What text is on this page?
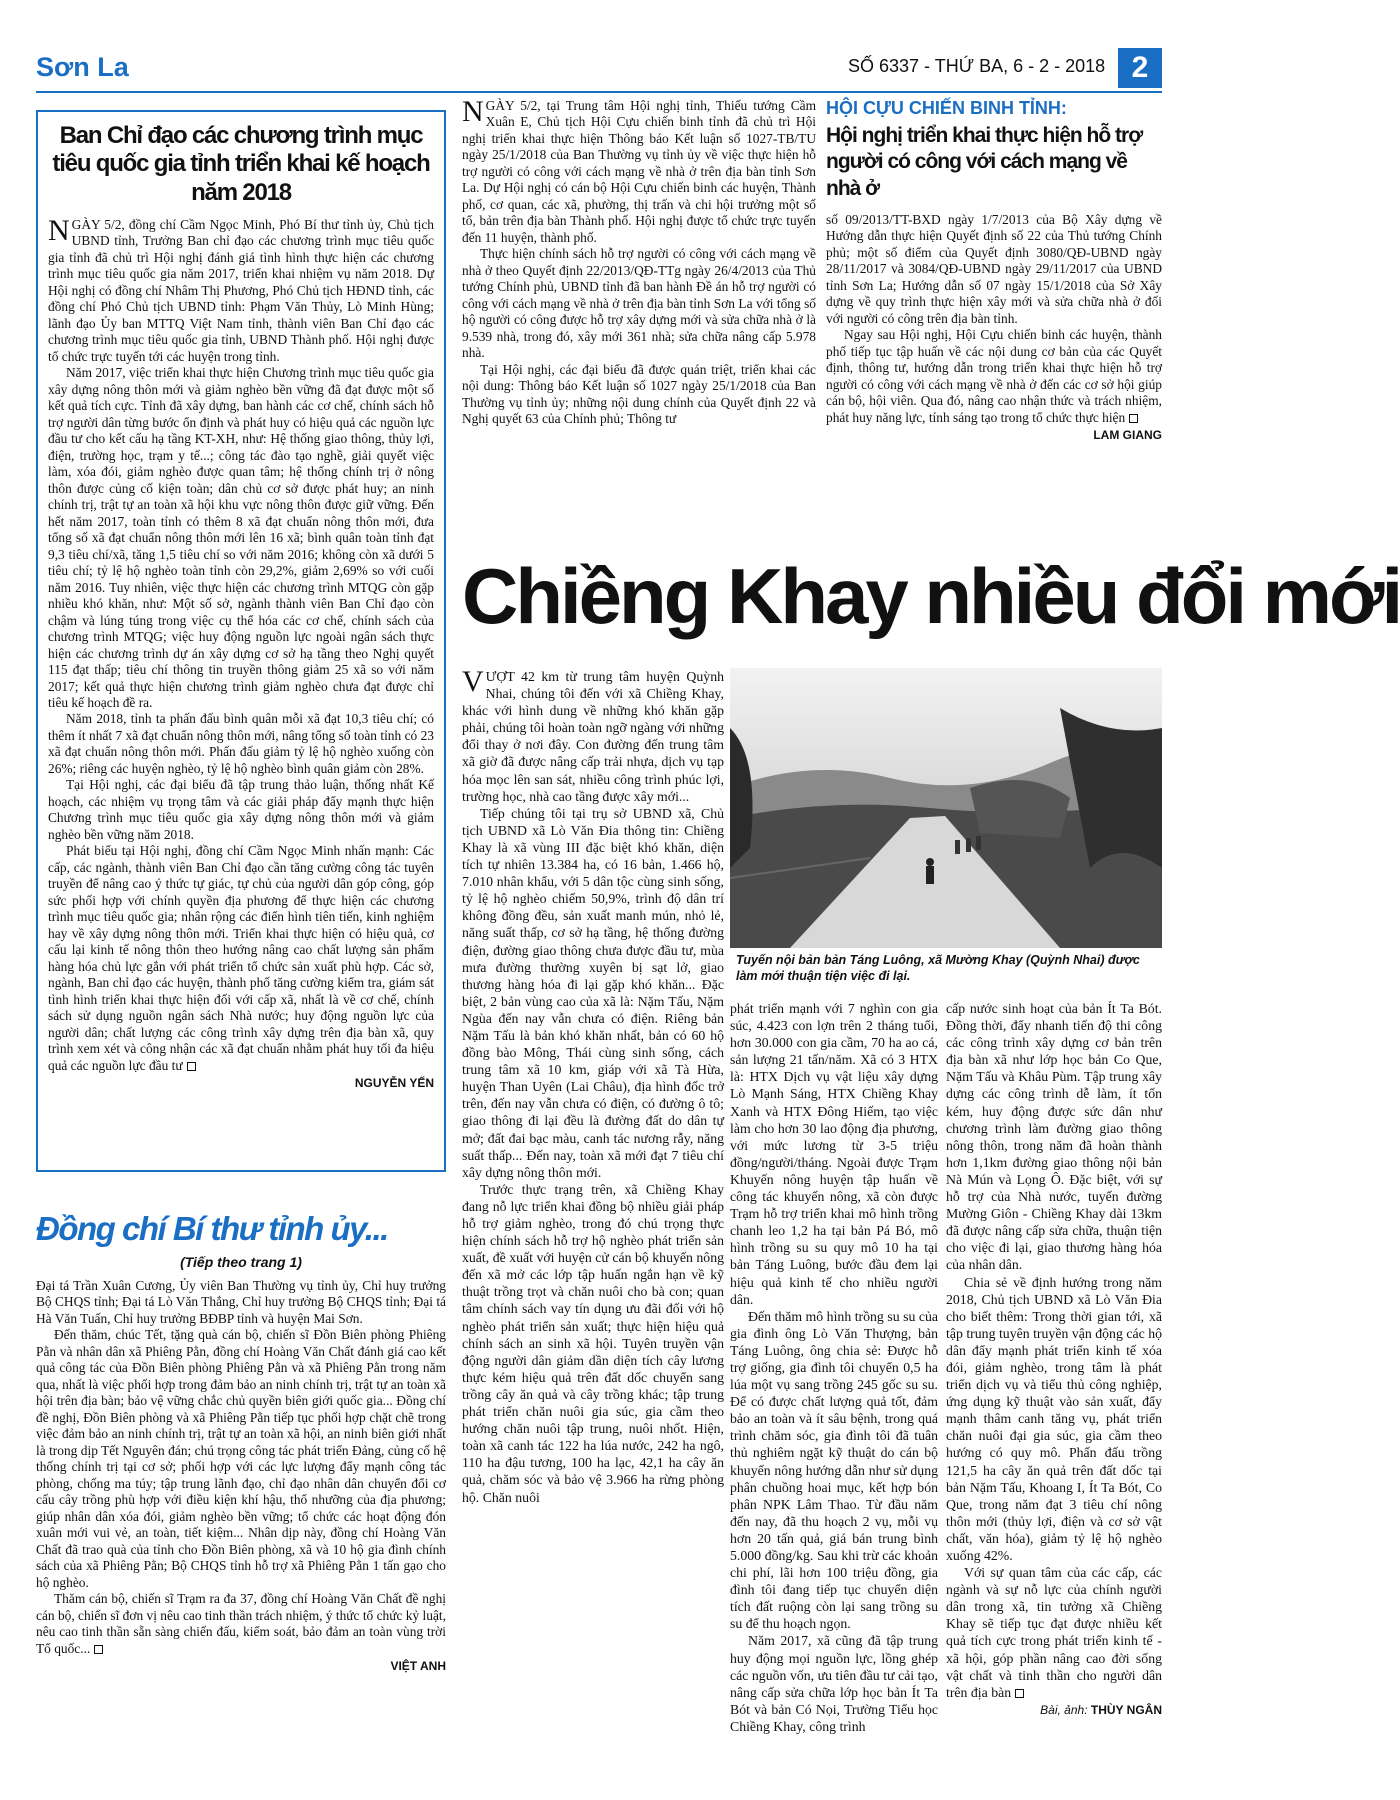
Sơn La	SỐ 6337 - THỨ BA, 6 - 2 - 2018 2
Ban Chỉ đạo các chương trình mục tiêu quốc gia tỉnh triển khai kế hoạch năm 2018

NGÀY 5/2, đồng chí Cầm Ngọc Minh, Phó Bí thư tỉnh ủy, Chủ tịch UBND tỉnh, Trưởng Ban chỉ đạo các chương trình mục tiêu quốc gia tỉnh đã chủ trì Hội nghị đánh giá tình hình thực hiện các chương trình mục tiêu quốc gia năm 2017, triển khai nhiệm vụ năm 2018. Dự Hội nghị có đồng chí Nhâm Thị Phương, Phó Chủ tịch HĐND tỉnh, các đồng chí Phó Chủ tịch UBND tỉnh: Phạm Văn Thủy, Lò Minh Hùng; lãnh đạo Ủy ban MTTQ Việt Nam tỉnh, thành viên Ban Chỉ đạo các chương trình mục tiêu quốc gia tỉnh, UBND Thành phố. Hội nghị được tổ chức trực tuyến tới các huyện trong tỉnh.

Năm 2017, việc triển khai thực hiện Chương trình mục tiêu quốc gia xây dựng nông thôn mới và giảm nghèo bền vững đã đạt được một số kết quả tích cực. Tỉnh đã xây dựng, ban hành các cơ chế, chính sách hỗ trợ người dân từng bước ổn định và phát huy có hiệu quả các nguồn lực đầu tư cho kết cấu hạ tầng KT-XH, như: Hệ thống giao thông, thủy lợi, điện, trường học, trạm y tế...; công tác đào tạo nghề, giải quyết việc làm, xóa đói, giảm nghèo được quan tâm; hệ thống chính trị ở nông thôn được củng cố kiện toàn; dân chủ cơ sở được phát huy; an ninh chính trị, trật tự an toàn xã hội khu vực nông thôn được giữ vững. Đến hết năm 2017, toàn tỉnh có thêm 8 xã đạt chuẩn nông thôn mới, đưa tổng số xã đạt chuẩn nông thôn mới lên 16 xã; bình quân toàn tỉnh đạt 9,3 tiêu chí/xã, tăng 1,5 tiêu chí so với năm 2016; không còn xã dưới 5 tiêu chí; tỷ lệ hộ nghèo toàn tỉnh còn 29,2%, giảm 2,69% so với cuối năm 2016. Tuy nhiên, việc thực hiện các chương trình MTQG còn gặp nhiều khó khăn, như: Một số sở, ngành thành viên Ban Chỉ đạo còn chậm và lúng túng trong việc cụ thể hóa các cơ chế, chính sách của chương trình MTQG; việc huy động nguồn lực ngoài ngân sách thực hiện các chương trình dự án xây dựng cơ sở hạ tầng theo Nghị quyết 115 đạt thấp; tiêu chí thông tin truyền thông giảm 25 xã so với năm 2017; kết quả thực hiện chương trình giảm nghèo chưa đạt được chỉ tiêu kế hoạch đề ra.

Năm 2018, tỉnh ta phấn đấu bình quân mỗi xã đạt 10,3 tiêu chí; có thêm ít nhất 7 xã đạt chuẩn nông thôn mới, nâng tổng số toàn tỉnh có 23 xã đạt chuẩn nông thôn mới. Phấn đấu giảm tỷ lệ hộ nghèo xuống còn 26%; riêng các huyện nghèo, tỷ lệ hộ nghèo bình quân giảm còn 28%.

Tại Hội nghị, các đại biểu đã tập trung thảo luận, thống nhất Kế hoạch, các nhiệm vụ trọng tâm và các giải pháp đẩy mạnh thực hiện Chương trình mục tiêu quốc gia xây dựng nông thôn mới và giảm nghèo bền vững năm 2018.

Phát biểu tại Hội nghị, đồng chí Cầm Ngọc Minh nhấn mạnh: Các cấp, các ngành, thành viên Ban Chỉ đạo cần tăng cường công tác tuyên truyền để nâng cao ý thức tự giác, tự chủ của người dân góp công, góp sức phối hợp với chính quyền địa phương để thực hiện các chương trình mục tiêu quốc gia; nhân rộng các điển hình tiên tiến, kinh nghiệm hay về xây dựng nông thôn mới. Triển khai thực hiện có hiệu quả, cơ cấu lại kinh tế nông thôn theo hướng nâng cao chất lượng sản phẩm hàng hóa chủ lực gắn với phát triển tổ chức sản xuất phù hợp. Các sở, ngành, Ban chỉ đạo các huyện, thành phố tăng cường kiểm tra, giám sát tình hình triển khai thực hiện đối với cấp xã, nhất là về cơ chế, chính sách sử dụng nguồn ngân sách Nhà nước; huy động nguồn lực của người dân; chất lượng các công trình xây dựng trên địa bàn xã, quy trình xem xét và công nhận các xã đạt chuẩn nhằm phát huy tối đa hiệu quả các nguồn lực đầu tư

NGUYỄN YẾN

NGÀY 5/2, tại Trung tâm Hội nghị tỉnh, Thiếu tướng Cầm Xuân E, Chủ tịch Hội Cựu chiến binh tỉnh đã chủ trì Hội nghị triển khai thực hiện Thông báo Kết luận số 1027-TB/TU ngày 25/1/2018 của Ban Thường vụ tỉnh ủy về việc thực hiện hỗ trợ người có công với cách mạng về nhà ở trên địa bàn tỉnh Sơn La. Dự Hội nghị có cán bộ Hội Cựu chiến binh các huyện, Thành phố, cơ quan, các xã, phường, thị trấn và chi hội trưởng một số tổ, bản trên địa bàn Thành phố. Hội nghị được tổ chức trực tuyến đến 11 huyện, thành phố.

Thực hiện chính sách hỗ trợ người có công với cách mạng về nhà ở theo Quyết định 22/2013/QĐ-TTg ngày 26/4/2013 của Thủ tướng Chính phủ, UBND tỉnh đã ban hành Đề án hỗ trợ người có công với cách mạng về nhà ở trên địa bàn tỉnh Sơn La với tổng số hộ người có công được hỗ trợ xây dựng mới và sửa chữa nhà ở là 9.539 nhà, trong đó, xây mới 361 nhà; sửa chữa nâng cấp 5.978 nhà.

Tại Hội nghị, các đại biểu đã được quán triệt, triển khai các nội dung: Thông báo Kết luận số 1027 ngày 25/1/2018 của Ban Thường vụ tỉnh ủy; những nội dung chính của Quyết định 22 và Nghị quyết 63 của Chính phủ; Thông tư

HỘI CỰU CHIẾN BINH TỈNH:
Hội nghị triển khai thực hiện hỗ trợ người có công với cách mạng về nhà ở

số 09/2013/TT-BXD ngày 1/7/2013 của Bộ Xây dựng về Hướng dẫn thực hiện Quyết định số 22 của Thủ tướng Chính phủ; một số điểm của Quyết định 3080/QĐ-UBND ngày 28/11/2017 và 3084/QĐ-UBND ngày 29/11/2017 của UBND tỉnh Sơn La; Hướng dẫn số 07 ngày 15/1/2018 của Sở Xây dựng về quy trình thực hiện xây mới và sửa chữa nhà ở đối với người có công trên địa bàn tỉnh.

Ngay sau Hội nghị, Hội Cựu chiến binh các huyện, thành phố tiếp tục tập huấn về các nội dung cơ bản của các Quyết định, thông tư, hướng dẫn trong triển khai thực hiện hỗ trợ người có công với cách mạng về nhà ở đến các cơ sở hội giúp cán bộ, hội viên. Qua đó, nâng cao nhận thức và trách nhiệm, phát huy năng lực, tính sáng tạo trong tổ chức thực hiện

LAM GIANG
Chiềng Khay nhiều đổi mới

VƯỢT 42 km từ trung tâm huyện Quỳnh Nhai, chúng tôi đến với xã Chiềng Khay, khác với hình dung về những khó khăn gặp phải, chúng tôi hoàn toàn ngỡ ngàng với những đổi thay ở nơi đây. Con đường đến trung tâm xã giờ đã được nâng cấp trải nhựa, dịch vụ tạp hóa mọc lên san sát, nhiều công trình phúc lợi, trường học, nhà cao tầng được xây mới...

Tiếp chúng tôi tại trụ sở UBND xã, Chủ tịch UBND xã Lò Văn Đia thông tin: Chiềng Khay là xã vùng III đặc biệt khó khăn, diện tích tự nhiên 13.384 ha, có 16 bản, 1.466 hộ, 7.010 nhân khẩu, với 5 dân tộc cùng sinh sống, tỷ lệ hộ nghèo chiếm 50,9%, trình độ dân trí không đồng đều, sản xuất manh mún, nhỏ lẻ, năng suất thấp, cơ sở hạ tầng, hệ thống đường điện, đường giao thông chưa được đầu tư, mùa mưa đường thường xuyên bị sạt lở, giao thương hàng hóa đi lại gặp khó khăn... Đặc biệt, 2 bản vùng cao của xã là: Nặm Tấu, Nặm Ngùa đến nay vẫn chưa có điện. Riêng bản Nặm Tấu là bản khó khăn nhất, bản có 60 hộ đồng bào Mông, Thái cùng sinh sống, cách trung tâm xã 10 km, giáp với xã Tà Hừa, huyện Than Uyên (Lai Châu), địa hình đốc trở trên, đến nay vẫn chưa có điện, có đường ô tô; giao thông đi lại đều là đường đất do dân tự mở; đất đai bạc màu, canh tác nương rẫy, năng suất thấp... Đến nay, toàn xã mới đạt 7 tiêu chí xây dựng nông thôn mới.

Trước thực trạng trên, xã Chiềng Khay đang nỗ lực triển khai đồng bộ nhiều giải pháp hỗ trợ giảm nghèo, trong đó chú trọng thực hiện chính sách hỗ trợ hộ nghèo phát triển sản xuất, đề xuất với huyện cử cán bộ khuyến nông đến xã mở các lớp tập huấn ngắn hạn về kỹ thuật trồng trọt và chăn nuôi cho bà con; quan tâm chính sách vay tín dụng ưu đãi đối với hộ nghèo phát triển sản xuất; thực hiện hiệu quả chính sách an sinh xã hội. Tuyên truyền vận động người dân giảm dần diện tích cây lương thực kém hiệu quả trên đất dốc chuyển sang trồng cây ăn quả và cây trồng khác; tập trung phát triển chăn nuôi gia súc, gia cầm theo hướng chăn nuôi tập trung, nuôi nhốt. Hiện, toàn xã canh tác 122 ha lúa nước, 242 ha ngô, 110 ha đậu tương, 100 ha lạc, 42,1 ha cây ăn quả, chăm sóc và bảo vệ 3.966 ha rừng phòng hộ. Chăn nuôi

Tuyến nội bản bản Táng Luông, xã Mường Khay (Quỳnh Nhai) được làm mới thuận tiện việc đi lại.

phát triển mạnh với 7 nghìn con gia súc, 4.423 con lợn trên 2 tháng tuổi, hơn 30.000 con gia cầm, 70 ha ao cá, sản lượng 21 tấn/năm. Xã có 3 HTX là: HTX Dịch vụ vật liệu xây dựng Lò Mạnh Sáng, HTX Chiềng Khay Xanh và HTX Đông Hiếm, tạo việc làm cho hơn 30 lao động địa phương, với mức lương từ 3-5 triệu đồng/người/tháng. Ngoài được Trạm Khuyến nông huyện tập huấn về công tác khuyến nông, xã còn được Trạm hỗ trợ triển khai mô hình trồng chanh leo 1,2 ha tại bản Pá Bó, mô hình trồng su su quy mô 10 ha tại bản Táng Luông, bước đầu đem lại hiệu quả kinh tế cho nhiều người dân.

Đến thăm mô hình trồng su su của gia đình ông Lò Văn Thượng, bản Táng Luông, ông chia sẻ: Được hỗ trợ giống, gia đình tôi chuyển 0,5 ha lúa một vụ sang trồng 245 gốc su su. Để có được chất lượng quả tốt, đảm bảo an toàn và ít sâu bệnh, trong quá trình chăm sóc, gia đình tôi đã tuân thủ nghiêm ngặt kỹ thuật do cán bộ khuyến nông hướng dẫn như sử dụng phân chuồng hoai mục, kết hợp bón phân NPK Lâm Thao. Từ đầu năm đến nay, đã thu hoạch 2 vụ, mỗi vụ hơn 20 tấn quả, giá bán trung bình 5.000 đồng/kg. Sau khi trừ các khoản chi phí, lãi hơn 100 triệu đồng, gia đình tôi đang tiếp tục chuyển diện tích đất ruộng còn lại sang trồng su su để thu hoạch ngọn.

Năm 2017, xã cũng đã tập trung huy động mọi nguồn lực, lồng ghép các nguồn vốn, ưu tiên đầu tư cải tạo, nâng cấp sửa chữa lớp học bản Ít Ta Bót và bản Có Nọi, Trường Tiểu học Chiềng Khay, công trình

cấp nước sinh hoạt của bản Ít Ta Bót. Đồng thời, đẩy nhanh tiến độ thi công các công trình xây dựng cơ bản trên địa bàn xã như lớp học bản Co Que, Nặm Tấu và Khâu Pùm. Tập trung xây dựng các công trình dễ làm, ít tốn kém, huy động được sức dân như chương trình làm đường giao thông nông thôn, trong năm đã hoàn thành hơn 1,1km đường giao thông nội bản Nà Mún và Lọng Ô. Đặc biệt, với sự hỗ trợ của Nhà nước, tuyến đường Mường Giôn - Chiềng Khay dài 13km đã được nâng cấp sửa chữa, thuận tiện cho việc đi lại, giao thương hàng hóa của nhân dân.

Chia sẻ về định hướng trong năm 2018, Chủ tịch UBND xã Lò Văn Đia cho biết thêm: Trong thời gian tới, xã tập trung tuyên truyền vận động các hộ dân đẩy mạnh phát triển kinh tế xóa đói, giảm nghèo, trong tâm là phát triển dịch vụ và tiểu thủ công nghiệp, ứng dụng kỹ thuật vào sản xuất, đẩy mạnh thâm canh tăng vụ, phát triển chăn nuôi đại gia súc, gia cầm theo hướng có quy mô. Phấn đấu trồng 121,5 ha cây ăn quả trên đất dốc tại bản Nặm Tấu, Khoang I, Ít Ta Bót, Co Que, trong năm đạt 3 tiêu chí nông thôn mới (thủy lợi, điện và cơ sở vật chất, văn hóa), giảm tỷ lệ hộ nghèo xuống 42%.

Với sự quan tâm của các cấp, các ngành và sự nỗ lực của chính người dân trong xã, tin tưởng xã Chiềng Khay sẽ tiếp tục đạt được nhiều kết quả tích cực trong phát triển kinh tế - xã hội, góp phần nâng cao đời sống vật chất và tinh thần cho người dân trên địa bàn

Bài, ảnh: THÙY NGÂN
Đồng chí Bí thư tỉnh ủy...
(Tiếp theo trang 1)

Đại tá Trần Xuân Cương, Ủy viên Ban Thường vụ tỉnh ủy, Chỉ huy trưởng Bộ CHQS tỉnh; Đại tá Lò Văn Thắng, Chỉ huy trưởng Bộ CHQS tỉnh; Đại tá Hà Văn Tuấn, Chỉ huy trưởng BĐBP tỉnh và huyện Mai Sơn.

Đến thăm, chúc Tết, tặng quà cán bộ, chiến sĩ Đồn Biên phòng Phiêng Pằn và nhân dân xã Phiêng Pằn, đồng chí Hoàng Văn Chất đánh giá cao kết quả công tác của Đồn Biên phòng Phiêng Pằn và xã Phiêng Pằn trong năm qua, nhất là việc phối hợp trong đảm bảo an ninh chính trị, trật tự an toàn xã hội trên địa bàn; bảo vệ vững chắc chủ quyền biên giới quốc gia... Đồng chí đề nghị, Đồn Biên phòng và xã Phiêng Pằn tiếp tục phối hợp chặt chẽ trong việc đảm bảo an ninh chính trị, trật tự an toàn xã hội, an ninh biên giới nhất là trong dịp Tết Nguyên đán; chú trọng công tác phát triển Đảng, củng cố hệ thống chính trị tại cơ sở; phối hợp với các lực lượng đẩy mạnh công tác phòng, chống ma túy; tập trung lãnh đạo, chỉ đạo nhân dân chuyển đổi cơ cấu cây trồng phù hợp với điều kiện khí hậu, thổ nhưỡng của địa phương; giúp nhân dân xóa đói, giảm nghèo bền vững; tổ chức các hoạt động đón xuân mới vui vẻ, an toàn, tiết kiệm... Nhân dịp này, đồng chí Hoàng Văn Chất đã trao quà của tỉnh cho Đồn Biên phòng, xã và 10 hộ gia đình chính sách của xã Phiêng Pằn; Bộ CHQS tỉnh hỗ trợ xã Phiêng Pằn 1 tấn gạo cho hộ nghèo.

Thăm cán bộ, chiến sĩ Trạm ra đa 37, đồng chí Hoàng Văn Chất đề nghị cán bộ, chiến sĩ đơn vị nêu cao tinh thần trách nhiệm, ý thức tổ chức kỷ luật, nêu cao tinh thần sẵn sàng chiến đấu, kiểm soát, bảo đảm an toàn vùng trời Tổ quốc...

VIỆT ANH
